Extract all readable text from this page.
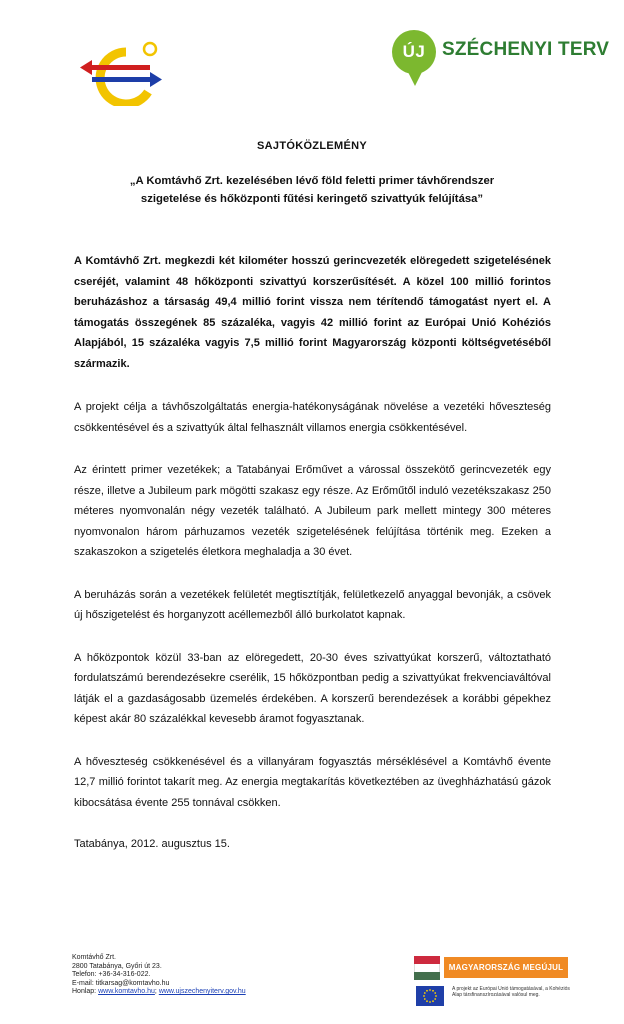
ÚJ SZÉCHENYI TERV
SAJTÓKÖZLEMÉNY
„A Komtávhő Zrt. kezelésében lévő föld feletti primer távhőrendszer
szigetelése és hőközponti fűtési keringető szivattyúk felújítása”

A Komtávhő Zrt. megkezdi két kilométer hosszú gerincvezeték elöregedett szigetelésének cseréjét, valamint 48 hőközponti szivattyú korszerűsítését. A közel 100 millió forintos beruházáshoz a társaság 49,4 millió forint vissza nem térítendő támogatást nyert el. A támogatás összegének 85 százaléka, vagyis 42 millió forint az Európai Unió Kohéziós Alapjából, 15 százaléka vagyis 7,5 millió forint Magyarország központi költségvetéséből származik.

A projekt célja a távhőszolgáltatás energia-hatékonyságának növelése a vezetéki hőveszteség csökkentésével és a szivattyúk által felhasznált villamos energia csökkentésével.

Az érintett primer vezetékek; a Tatabányai Erőművet a várossal összekötő gerincvezeték egy része, illetve a Jubileum park mögötti szakasz egy része. Az Erőműtől induló vezetékszakasz 250 méteres nyomvonalán négy vezeték található. A Jubileum park mellett mintegy 300 méteres nyomvonalon három párhuzamos vezeték szigetelésének felújítása történik meg. Ezeken a szakaszokon a szigetelés életkora meghaladja a 30 évet.

A beruházás során a vezetékek felületét megtisztítják, felületkezelő anyaggal bevonják, a csövek új hőszigetelést és horganyzott acéllemezből álló burkolatot kapnak.

A hőközpontok közül 33-ban az elöregedett, 20-30 éves szivattyúkat korszerű, változtatható fordulatszámú berendezésekre cserélik, 15 hőközpontban pedig a szivattyúkat frekvenciaváltóval látják el a gazdaságosabb üzemelés érdekében. A korszerű berendezések a korábbi gépekhez képest akár 80 százalékkal kevesebb áramot fogyasztanak.

A hőveszteség csökkenésével és a villanyáram fogyasztás mérséklésével a Komtávhő évente 12,7 millió forintot takarít meg. Az energia megtakarítás következtében az üveghházhatású gázok kibocsátása évente 255 tonnával csökken.

Tatabánya, 2012. augusztus 15.
Komtávhő Zrt.
2800 Tatabánya, Győri út 23.
Telefon: +36-34-316-022.
E-mail: titkarsag@komtavho.hu
Honlap: www.komtavho.hu; www.ujszechenyiterv.gov.hu
MAGYARORSZÁG MEGÚJUL
A projekt az Európai Unió támogatásával, a Kohéziós Alap társfinanszírozásával valósul meg.
